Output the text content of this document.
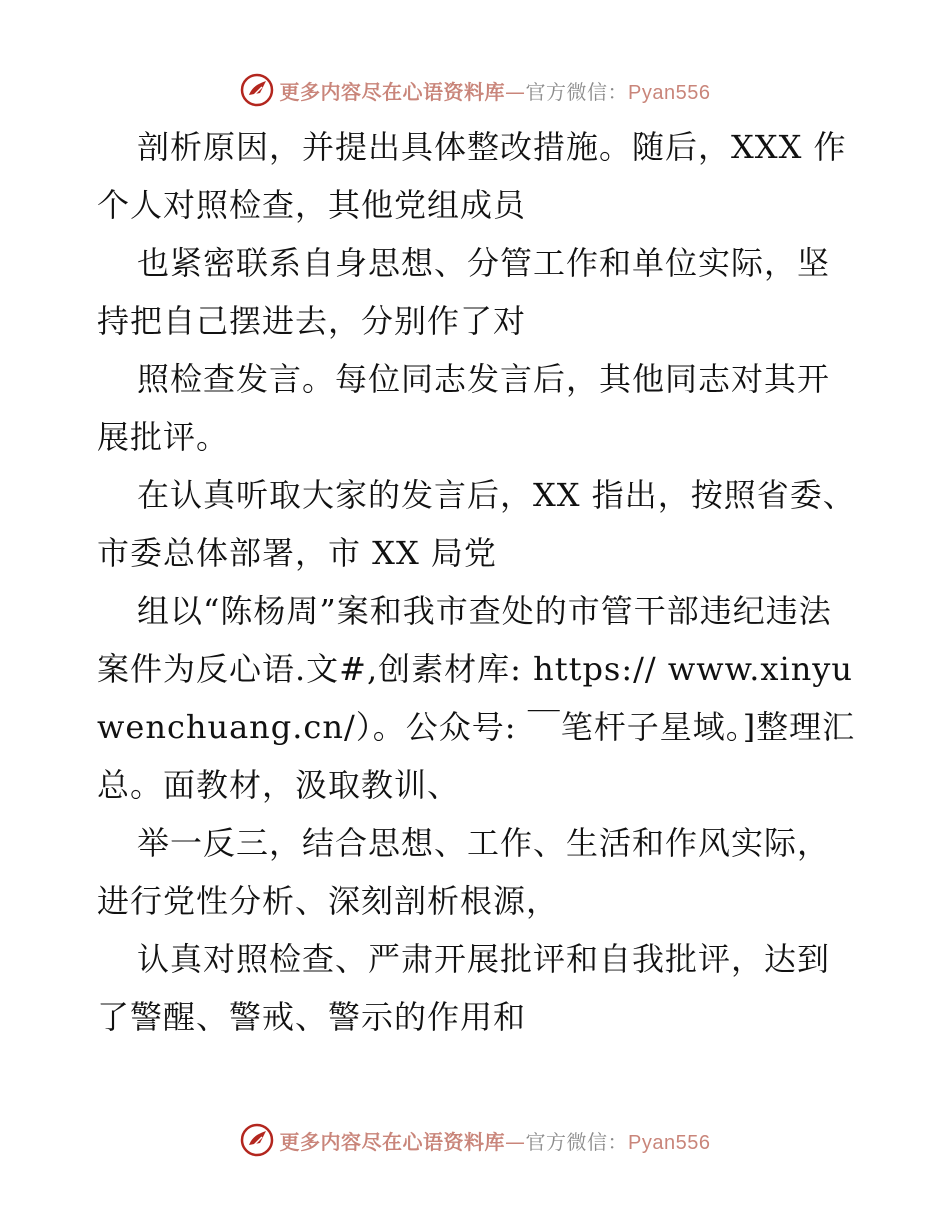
更多内容尽在心语资料库—官方微信：Pyan556

剖析原因，并提出具体整改措施。随后，XXX 作个人对照检查，其他党组成员

也紧密联系自身思想、分管工作和单位实际，坚持把自己摆进去，分别作了对

照检查发言。每位同志发言后，其他同志对其开展批评。

在认真听取大家的发言后，XX 指出，按照省委、市委总体部署，市 XX 局党

组以“陈杨周”案和我市查处的市管干部违纪违法案件为反心语.文#,创素材库: https:// www.xinyuwenchuang.cn/）。公众号: ￣笔杆子星域。]整理汇总。面教材，汲取教训、

举一反三，结合思想、工作、生活和作风实际，进行党性分析、深刻剖析根源，

认真对照检查、严肃开展批评和自我批评，达到了警醒、警戒、警示的作用和

更多内容尽在心语资料库—官方微信：Pyan556
